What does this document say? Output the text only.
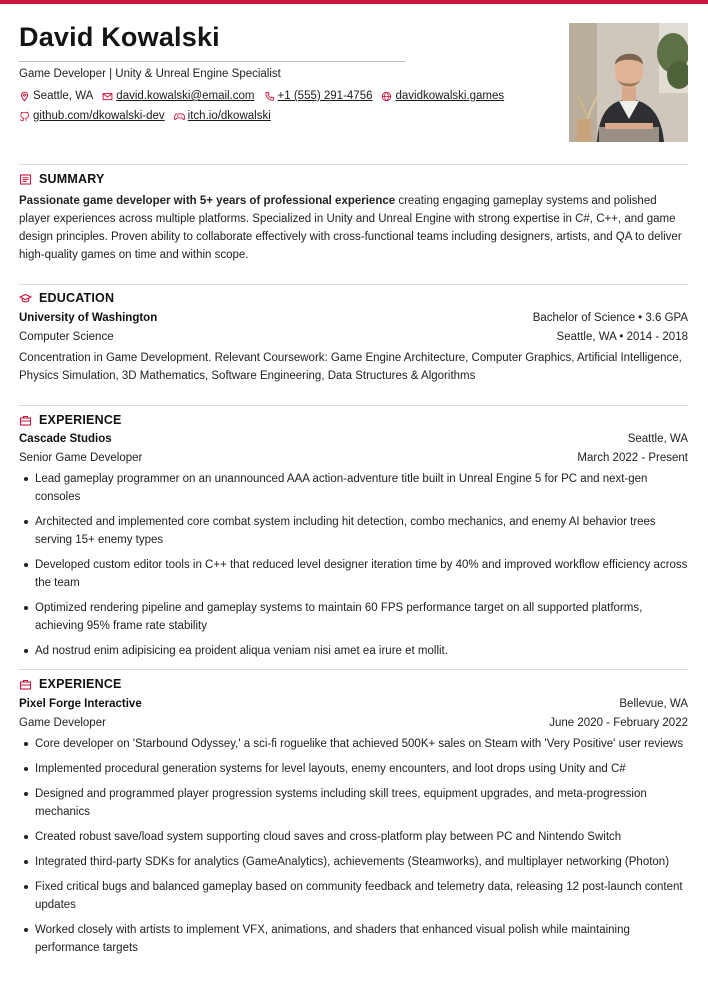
David Kowalski
Game Developer | Unity & Unreal Engine Specialist
Seattle, WA david.kowalski@email.com +1 (555) 291-4756 davidkowalski.games
github.com/dkowalski-dev itch.io/dkowalski
SUMMARY
Passionate game developer with 5+ years of professional experience creating engaging gameplay systems and polished player experiences across multiple platforms. Specialized in Unity and Unreal Engine with strong expertise in C#, C++, and game design principles. Proven ability to collaborate effectively with cross-functional teams including designers, artists, and QA to deliver high-quality games on time and within scope.
EDUCATION
University of Washington	Bachelor of Science • 3.6 GPA
Computer Science	Seattle, WA • 2014 - 2018
Concentration in Game Development. Relevant Coursework: Game Engine Architecture, Computer Graphics, Artificial Intelligence, Physics Simulation, 3D Mathematics, Software Engineering, Data Structures & Algorithms
EXPERIENCE
Cascade Studios	Seattle, WA
Senior Game Developer	March 2022 - Present
Lead gameplay programmer on an unannounced AAA action-adventure title built in Unreal Engine 5 for PC and next-gen consoles
Architected and implemented core combat system including hit detection, combo mechanics, and enemy AI behavior trees serving 15+ enemy types
Developed custom editor tools in C++ that reduced level designer iteration time by 40% and improved workflow efficiency across the team
Optimized rendering pipeline and gameplay systems to maintain 60 FPS performance target on all supported platforms, achieving 95% frame rate stability
Ad nostrud enim adipisicing ea proident aliqua veniam nisi amet ea irure et mollit.
EXPERIENCE
Pixel Forge Interactive	Bellevue, WA
Game Developer	June 2020 - February 2022
Core developer on 'Starbound Odyssey,' a sci-fi roguelike that achieved 500K+ sales on Steam with 'Very Positive' user reviews
Implemented procedural generation systems for level layouts, enemy encounters, and loot drops using Unity and C#
Designed and programmed player progression systems including skill trees, equipment upgrades, and meta-progression mechanics
Created robust save/load system supporting cloud saves and cross-platform play between PC and Nintendo Switch
Integrated third-party SDKs for analytics (GameAnalytics), achievements (Steamworks), and multiplayer networking (Photon)
Fixed critical bugs and balanced gameplay based on community feedback and telemetry data, releasing 12 post-launch content updates
Worked closely with artists to implement VFX, animations, and shaders that enhanced visual polish while maintaining performance targets
